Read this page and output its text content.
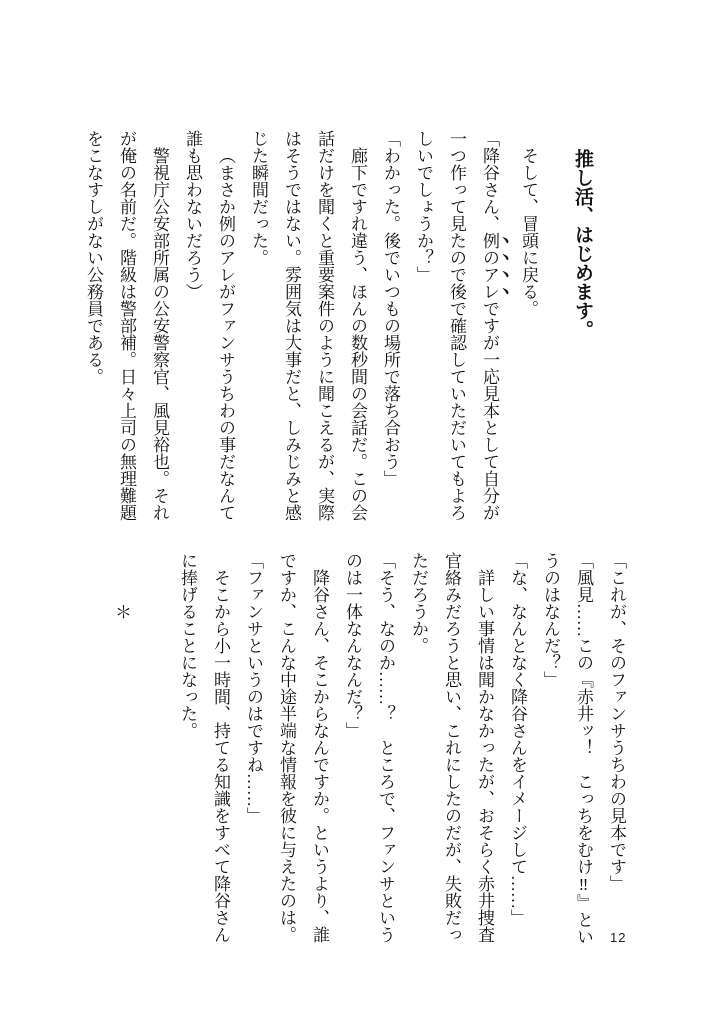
推し活、はじめます。

そして、冒頭に戻る。

「降谷さん、例のアレですが一応見本として自分が一つ作って見たので後で確認していただいてもよろしいでしょうか？」

「わかった。後でいつもの場所で落ち合おう」

廊下ですれ違う、ほんの数秒間の会話だ。この会話だけを聞くと重要案件のように聞こえるが、実際はそうではない。雰囲気は大事だと、しみじみと感じた瞬間だった。

（まさか例のアレがファンサうちわの事だなんて誰も思わないだろう）

警視庁公安部所属の公安警察官、風見裕也。それが俺の名前だ。階級は警部補。日々上司の無理難題をこなすしがない公務員である。

「これが、そのファンサうちわの見本です」

「風見……この『赤井ッ！　こっちをむけ‼』というのはなんだ？」

「な、なんとなく降谷さんをイメージして……」

詳しい事情は聞かなかったが、おそらく赤井捜査官絡みだろうと思い、これにしたのだが、失敗だっただろうか。

「そう、なのか……？　ところで、ファンサというのは一体なんなんだ？」

降谷さん、そこからなんですか。というより、誰ですか、こんな中途半端な情報を彼に与えたのは。

「ファンサというのはですね……」

そこから小一時間、持てる知識をすべて降谷さんに捧げることになった。

＊

12
